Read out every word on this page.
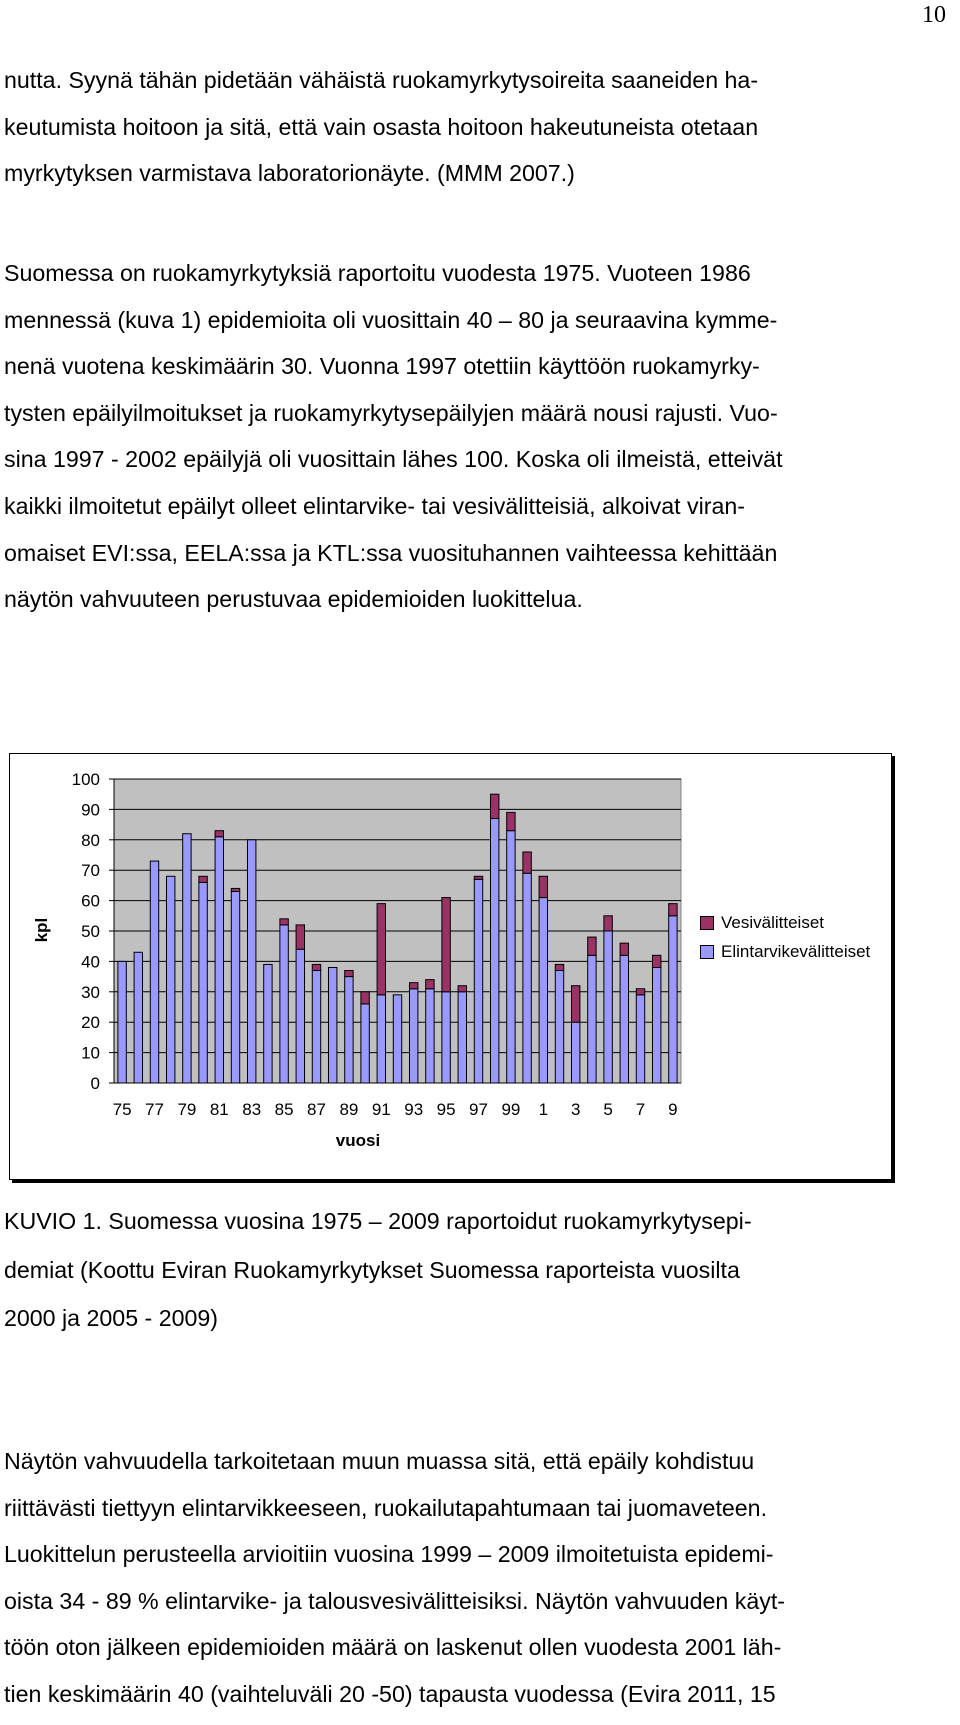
10

nutta. Syynä tähän pidetään vähäistä ruokamyrkytysoireita saaneiden ha-
keutumista hoitoon ja sitä, että vain osasta hoitoon hakeutuneista otetaan
myrkytyksen varmistava laboratorionäyte. (MMM 2007.)

Suomessa on ruokamyrkytyksiä raportoitu vuodesta 1975. Vuoteen 1986
mennessä (kuva 1) epidemioita oli vuosittain 40 – 80 ja seuraavina kymme-
nenä vuotena keskimäärin 30. Vuonna 1997 otettiin käyttöön ruokamyrky-
tysten epäilyilmoitukset ja ruokamyrkytysepäilyjen määrä nousi rajusti. Vuo-
sina 1997 - 2002 epäilyjä oli vuosittain lähes 100. Koska oli ilmeistä, etteivät
kaikki ilmoitetut epäilyt olleet elintarvike- tai vesivälitteisiä, alkoivat viran-
omaiset EVI:ssa, EELA:ssa ja KTL:ssa vuosituhannen vaihteessa kehittään
näytön vahvuuteen perustuvaa epidemioiden luokittelua.

0
10
20
30
40
50
60
70
80
90
100
75 77 79 81 83 85 87 89 91 93 95 97 99 1 3 5 7 9
vuosi
kpl	Vesivälitteiset
Elintarvikevälitteiset

KUVIO 1. Suomessa vuosina 1975 – 2009 raportoidut ruokamyrkytysepi-
demiat (Koottu Eviran Ruokamyrkytykset Suomessa raporteista vuosilta
2000 ja 2005 - 2009)

Näytön vahvuudella tarkoitetaan muun muassa sitä, että epäily kohdistuu
riittävästi tiettyyn elintarvikkeeseen, ruokailutapahtumaan tai juomaveteen.
Luokittelun perusteella arvioitiin vuosina 1999 – 2009 ilmoitetuista epidemi-
oista 34 - 89 % elintarvike- ja talousvesivälitteisiksi. Näytön vahvuuden käyt-
töön oton jälkeen epidemioiden määrä on laskenut ollen vuodesta 2001 läh-
tien keskimäärin 40 (vaihteluväli 20 -50) tapausta vuodessa (Evira 2011, 15
